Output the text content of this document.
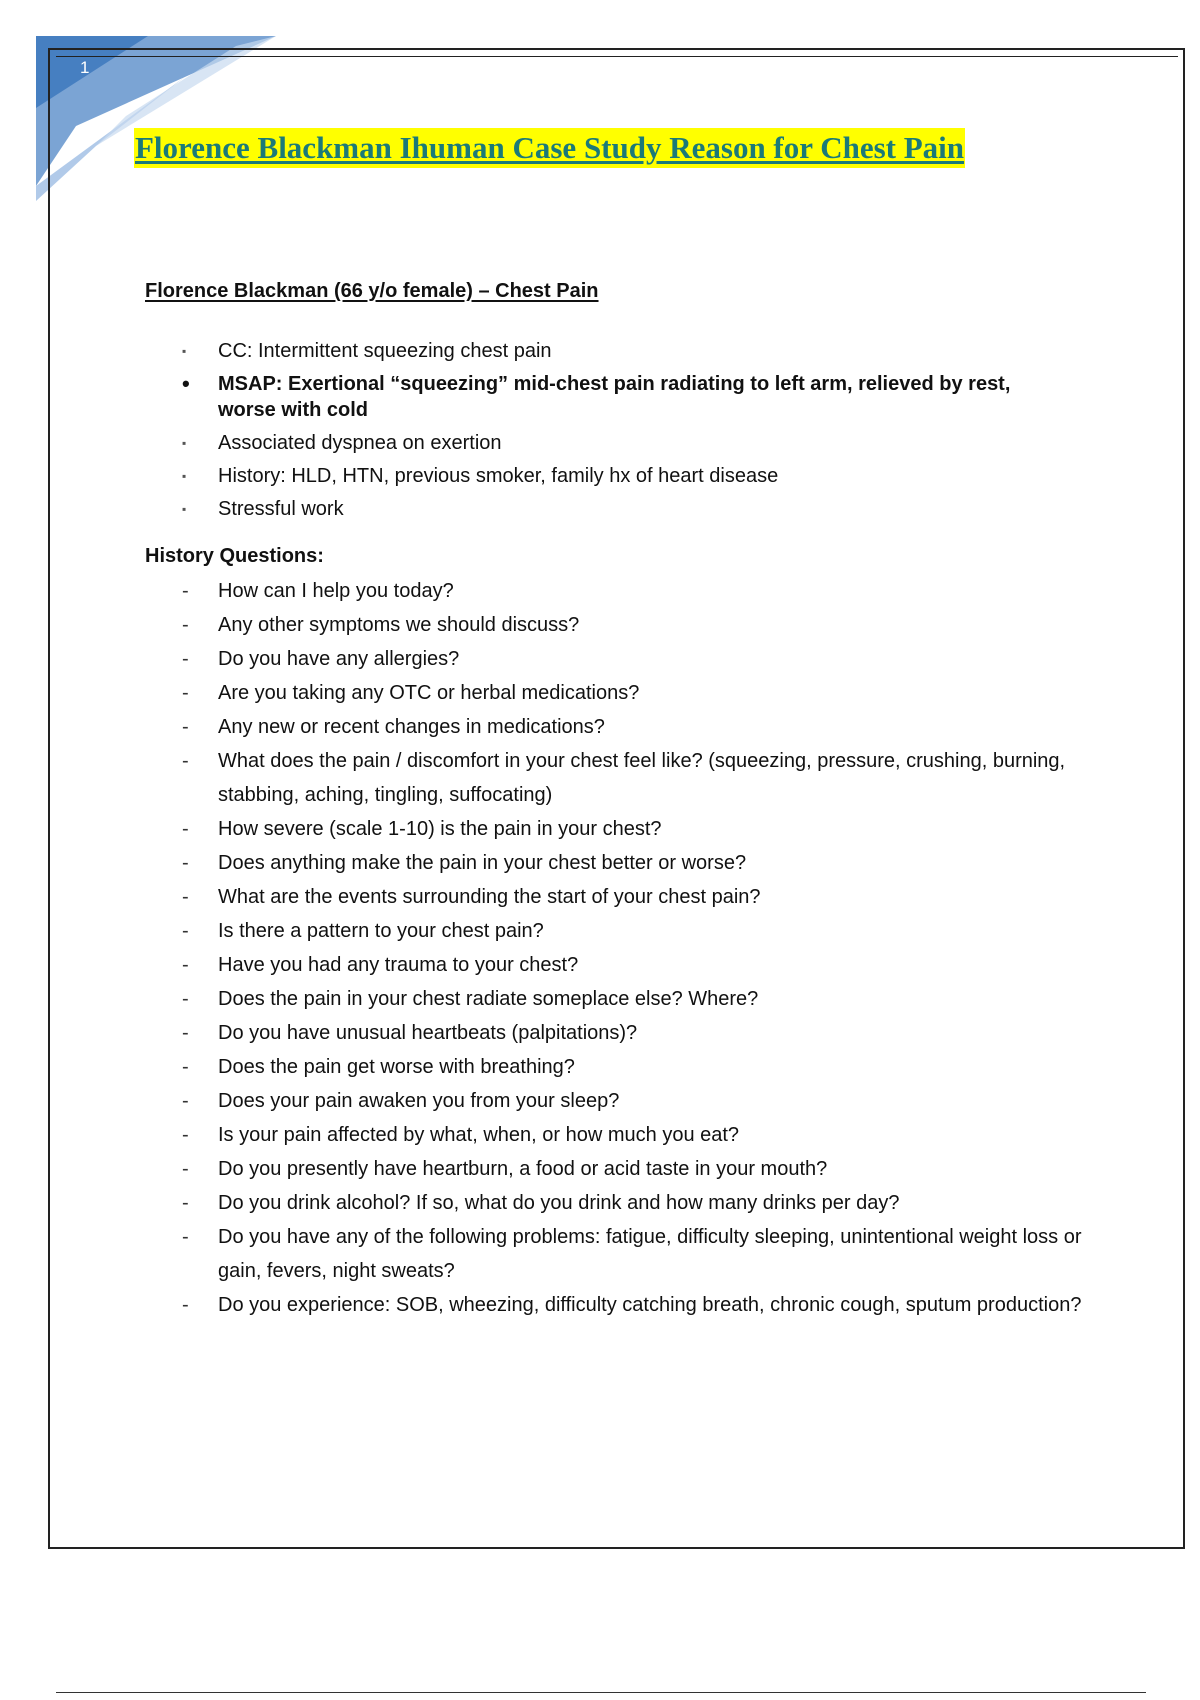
1
Florence Blackman Ihuman Case Study Reason for Chest Pain
Florence Blackman (66 y/o female) – Chest Pain
▪	CC: Intermittent squeezing chest pain
•	MSAP: Exertional “squeezing” mid-chest pain radiating to left arm, relieved by rest, worse with cold
▪	Associated dyspnea on exertion
▪	History: HLD, HTN, previous smoker, family hx of heart disease
▪	Stressful work
History Questions:
- How can I help you today?
- Any other symptoms we should discuss?
- Do you have any allergies?
- Are you taking any OTC or herbal medications?
- Any new or recent changes in medications?
- What does the pain / discomfort in your chest feel like? (squeezing, pressure, crushing, burning, stabbing, aching, tingling, suffocating)
- How severe (scale 1-10) is the pain in your chest?
- Does anything make the pain in your chest better or worse?
- What are the events surrounding the start of your chest pain?
- Is there a pattern to your chest pain?
- Have you had any trauma to your chest?
- Does the pain in your chest radiate someplace else? Where?
- Do you have unusual heartbeats (palpitations)?
- Does the pain get worse with breathing?
- Does your pain awaken you from your sleep?
- Is your pain affected by what, when, or how much you eat?
- Do you presently have heartburn, a food or acid taste in your mouth?
- Do you drink alcohol? If so, what do you drink and how many drinks per day?
- Do you have any of the following problems: fatigue, difficulty sleeping, unintentional weight loss or gain, fevers, night sweats?
- Do you experience: SOB, wheezing, difficulty catching breath, chronic cough, sputum production?
